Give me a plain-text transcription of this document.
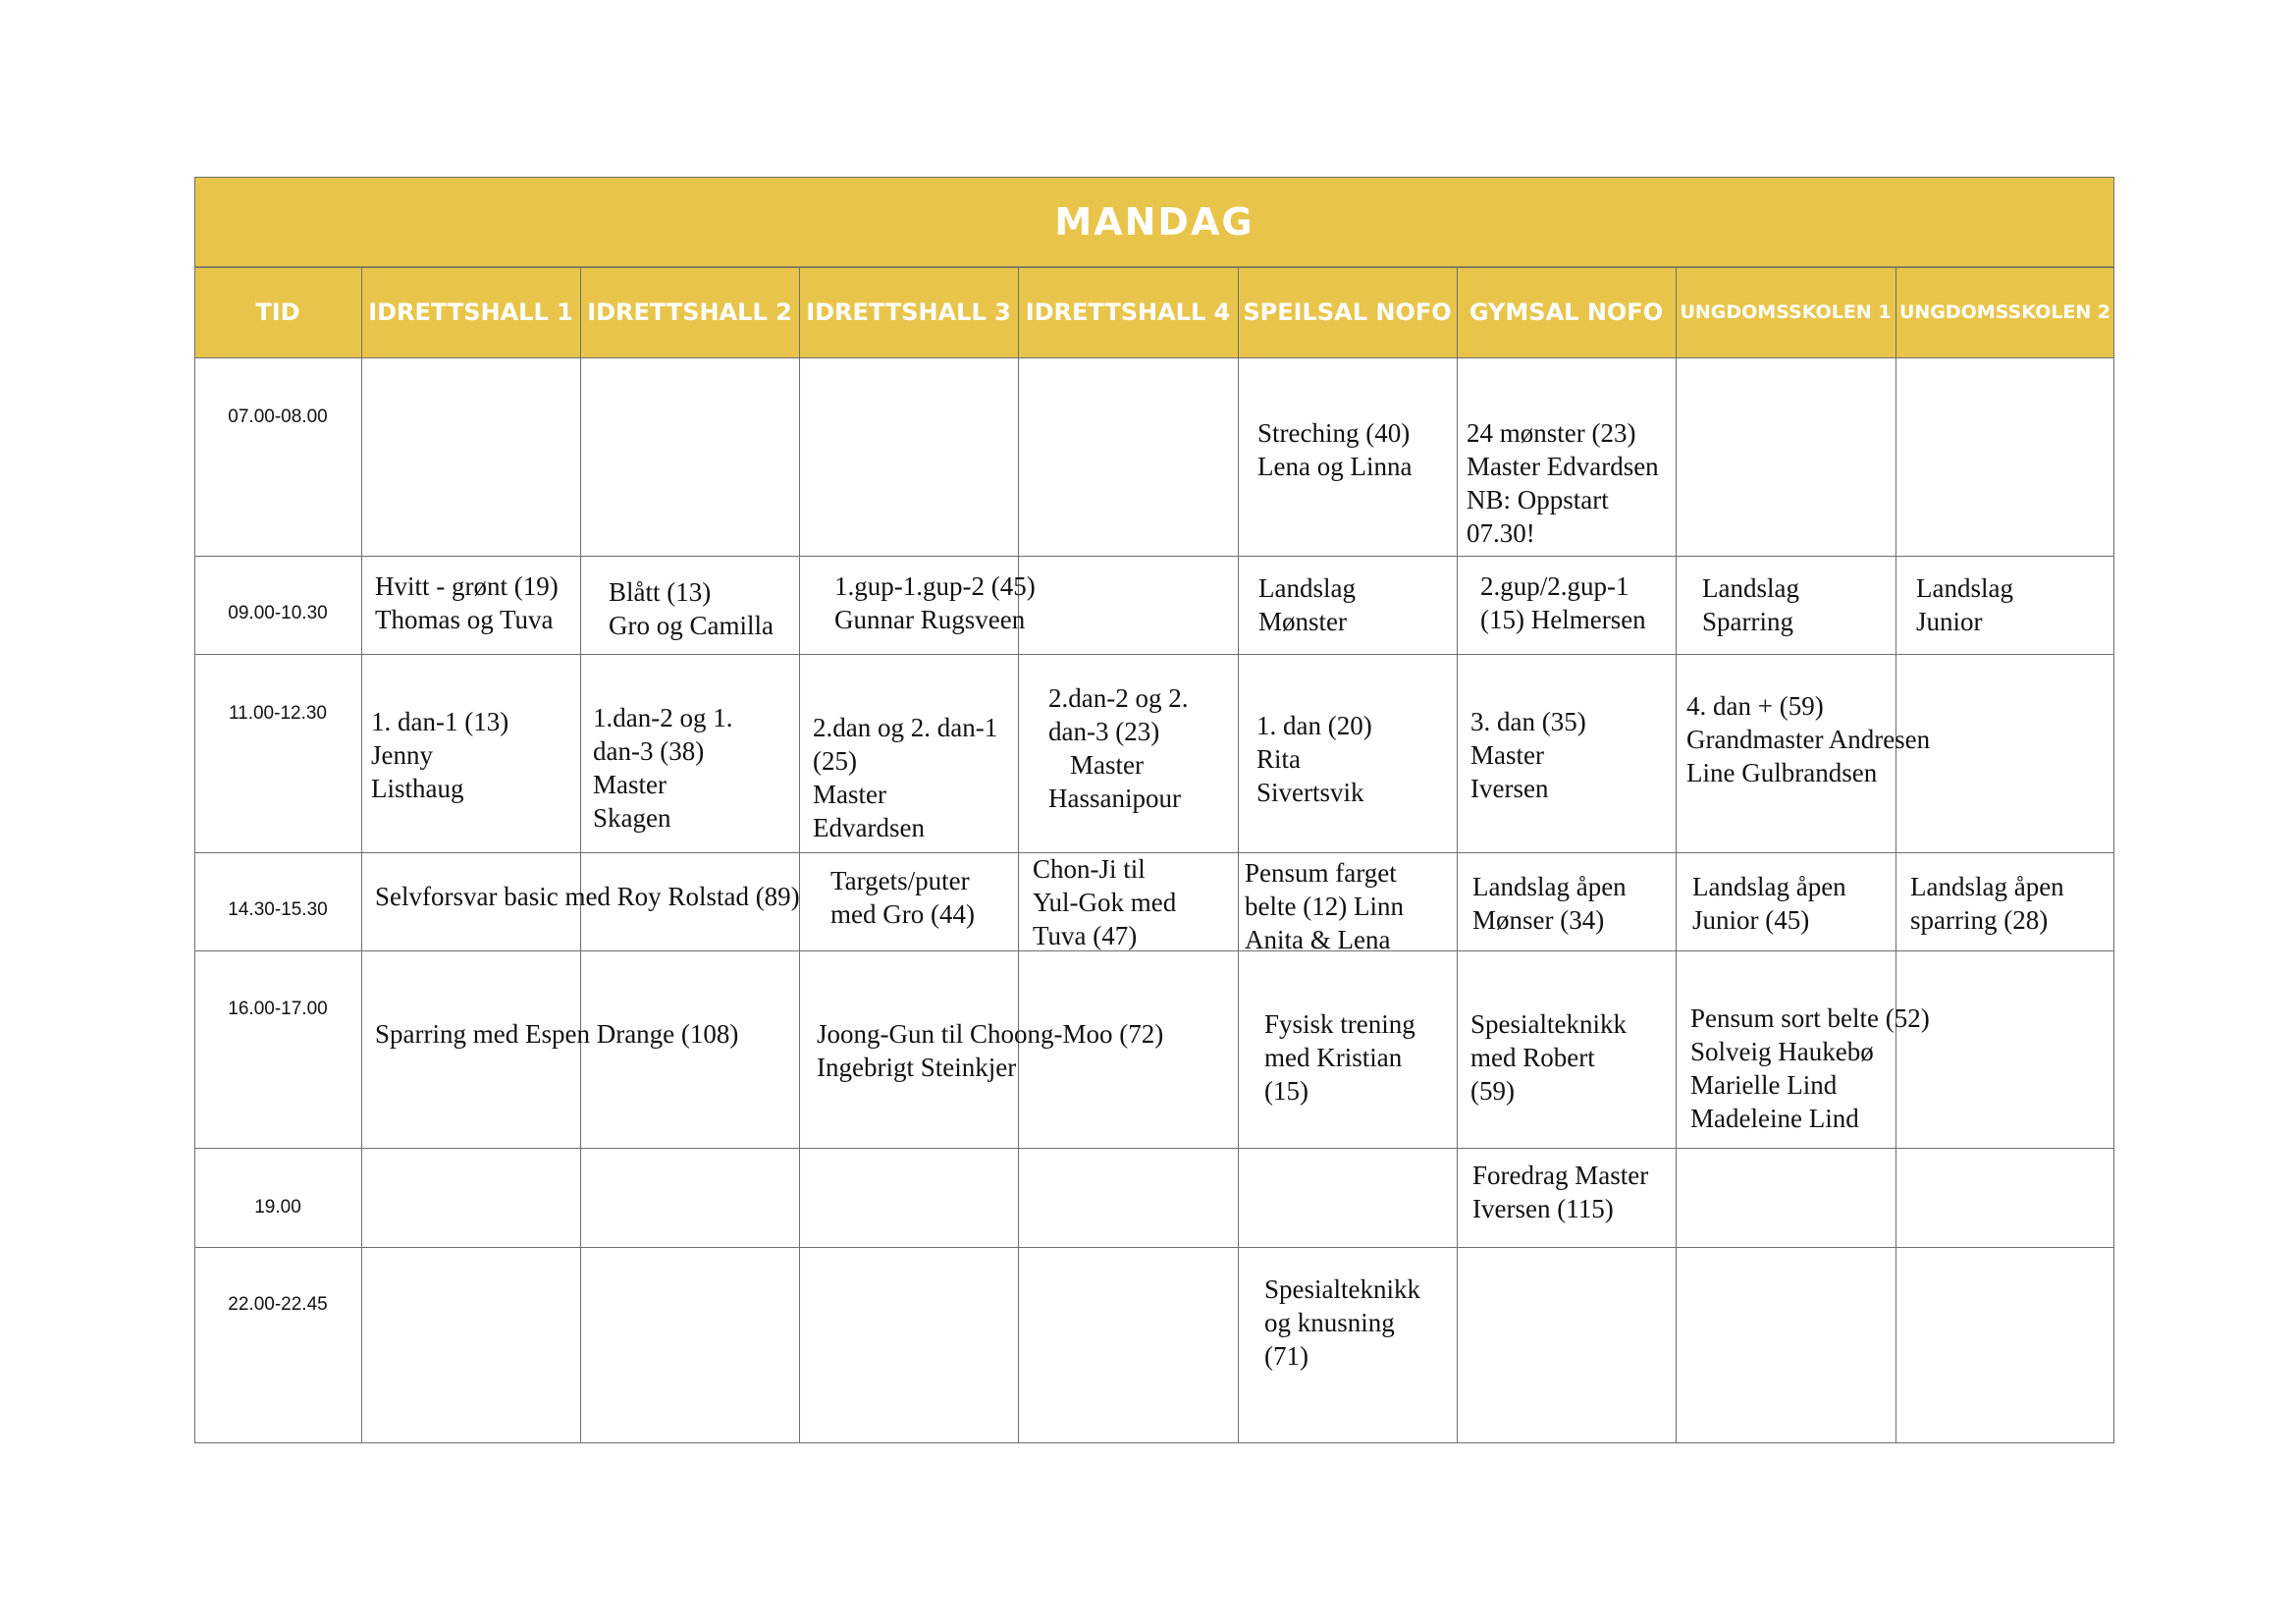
MANDAG
TID	IDRETTSHALL 1 IDRETTSHALL 2 IDRETTSHALL 3 IDRETTSHALL 4 SPEILSAL NOFO GYMSAL NOFO UNGDOMSSKOLEN 1 UNGDOMSSKOLEN 2
07.00-08.00
09.00-10.30
11.00-12.30
14.30-15.30
16.00-17.00
19.00
22.00-22.45
Streching (40)
Lena og Linna
24 mønster (23)
Master Edvardsen
NB: Oppstart
07.30!
Hvitt - grønt (19)
Thomas og Tuva
Blått (13)
Gro og Camilla
1.gup-1.gup-2 (45)
Gunnar Rugsveen
Landslag
Mønster
2.gup/2.gup-1
(15) Helmersen
Landslag
Sparring
Landslag
Junior
1. dan-1 (13)
Jenny
Listhaug
1.dan-2 og 1.
dan-3 (38)
Master
Skagen
2.dan og 2. dan-1
(25)
Master
Edvardsen
2.dan-2 og 2.
dan-3 (23)
Master
Hassanipour
1. dan (20)
Rita
Sivertsvik
3. dan (35)
Master
Iversen
4. dan + (59)
Grandmaster Andresen
Line Gulbrandsen
Selvforsvar basic med Roy Rolstad (89)
Targets/puter
med Gro (44)
Chon-Ji til
Yul-Gok med
Tuva (47)
Pensum farget
belte (12) Linn
Anita & Lena
Landslag åpen
Mønser (34)
Landslag åpen
Junior (45)
Landslag åpen
sparring (28)
Sparring med Espen Drange (108)	Joong-Gun til Choong-Moo (72)
Ingebrigt Steinkjer
Fysisk trening
med Kristian
(15)
Spesialteknikk
med Robert
(59)
Pensum sort belte (52)
Solveig Haukebø
Marielle Lind
Madeleine Lind
Foredrag Master
Iversen (115)
Spesialteknikk
og knusning
(71)
